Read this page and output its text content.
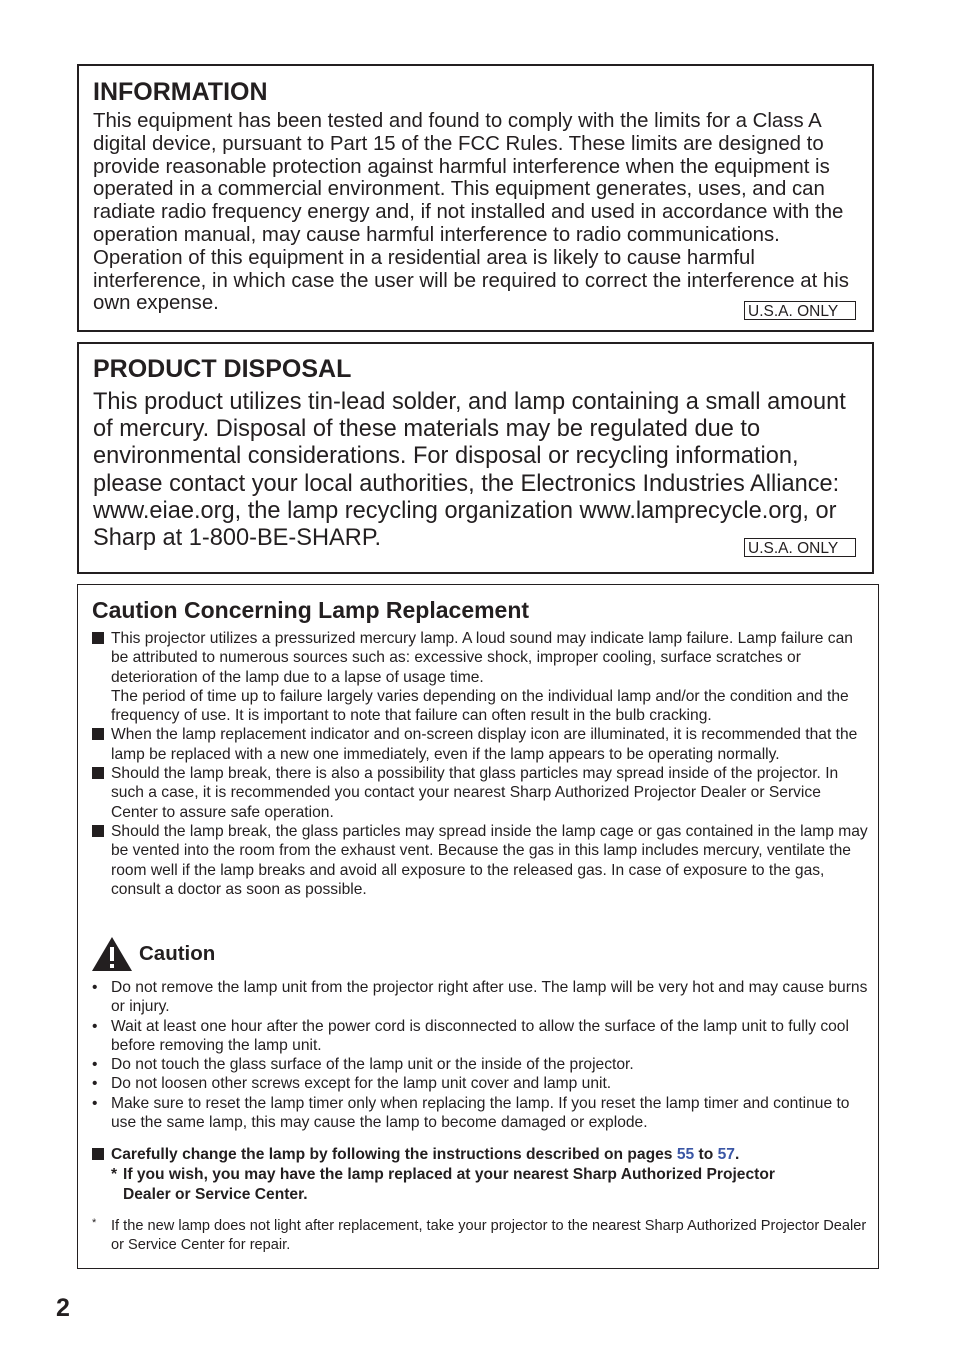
INFORMATION

This equipment has been tested and found to comply with the limits for a Class A digital device, pursuant to Part 15 of the FCC Rules. These limits are designed to provide reasonable protection against harmful interference when the equipment is operated in a commercial environment. This equipment generates, uses, and can radiate radio frequency energy and, if not installed and used in accordance with the operation manual, may cause harmful interference to radio communications. Operation of this equipment in a residential area is likely to cause harmful interference, in which case the user will be required to correct the interference at his own expense.	U.S.A. ONLY
PRODUCT DISPOSAL

This product utilizes tin-lead solder, and lamp containing a small amount of mercury. Disposal of these materials may be regulated due to environmental considerations. For disposal or recycling information, please contact your local authorities, the Electronics Industries Alliance: www.eiae.org, the lamp recycling organization www.lamprecycle.org, or Sharp at 1-800-BE-SHARP.	U.S.A. ONLY
Caution Concerning Lamp Replacement
This projector utilizes a pressurized mercury lamp. A loud sound may indicate lamp failure. Lamp failure can be attributed to numerous sources such as: excessive shock, improper cooling, surface scratches or deterioration of the lamp due to a lapse of usage time.
The period of time up to failure largely varies depending on the individual lamp and/or the condition and the frequency of use. It is important to note that failure can often result in the bulb cracking.
When the lamp replacement indicator and on-screen display icon are illuminated, it is recommended that the lamp be replaced with a new one immediately, even if the lamp appears to be operating normally.
Should the lamp break, there is also a possibility that glass particles may spread inside of the projector. In such a case, it is recommended you contact your nearest Sharp Authorized Projector Dealer or Service Center to assure safe operation.
Should the lamp break, the glass particles may spread inside the lamp cage or gas contained in the lamp may be vented into the room from the exhaust vent. Because the gas in this lamp includes mercury, ventilate the room well if the lamp breaks and avoid all exposure to the released gas. In case of exposure to the gas, consult a doctor as soon as possible.
Caution
• Do not remove the lamp unit from the projector right after use. The lamp will be very hot and may cause burns or injury.
• Wait at least one hour after the power cord is disconnected to allow the surface of the lamp unit to fully cool before removing the lamp unit.
• Do not touch the glass surface of the lamp unit or the inside of the projector.
• Do not loosen other screws except for the lamp unit cover and lamp unit.
• Make sure to reset the lamp timer only when replacing the lamp. If you reset the lamp timer and continue to use the same lamp, this may cause the lamp to become damaged or explode.
Carefully change the lamp by following the instructions described on pages 55 to 57.
* If you wish, you may have the lamp replaced at your nearest Sharp Authorized Projector
Dealer or Service Center.
*	If the new lamp does not light after replacement, take your projector to the nearest Sharp Authorized Projector Dealer or Service Center for repair.
2
